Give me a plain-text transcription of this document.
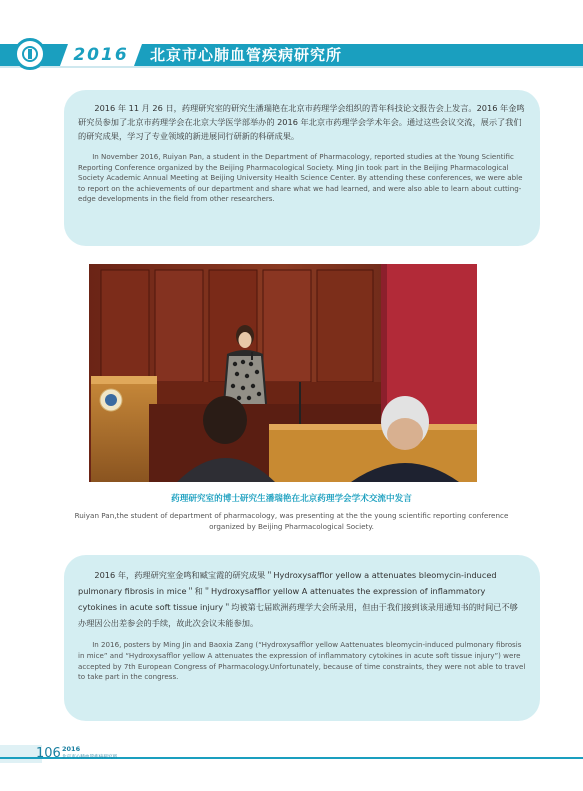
2016	北京市心肺血管疾病研究所

2016 年 11 月 26 日，药理研究室的研究生潘瑞艳在北京市药理学会组织的青年科技论文报告会上发言。2016 年金鸣研究员参加了北京市药理学会在北京大学医学部举办的 2016 年北京市药理学会学术年会。通过这些会议交流，展示了我们的研究成果，学习了专业领域的新进展同行研新的科研成果。

In November 2016, Ruiyan Pan, a student in the Department of Pharmacology, reported studies at the Young Scientific Reporting Conference organized by the Beijing Pharmacological Society. Ming Jin took part in the Beijing Pharmacological Society Academic Annual Meeting at Beijing University Health Science Center. By attending these conferences, we were able to report on the achievements of our department and share what we had learned, and were also able to learn about cutting-edge developments in the field from other researchers.

药理研究室的博士研究生潘瑞艳在北京药理学会学术交流中发言

Ruiyan Pan,the student of department of pharmacology, was presenting at the the young scientific reporting conference organized by Beijing Pharmacological Society.

2016 年，药理研究室金鸣和臧宝霞的研究成果＂Hydroxysafflor yellow a attenuates bleomycin-induced pulmonary fibrosis in mice＂和＂Hydroxysafflor yellow A attenuates the expression of inflammatory cytokines in acute soft tissue injury＂均被第七届欧洲药理学大会所录用，但由于我们接到该录用通知书的时间已不够办理因公出差参会的手续，故此次会议未能参加。

In 2016, posters by Ming Jin and Baoxia Zang (“Hydroxysafflor yellow Aattenuates bleomycin-induced pulmonary fibrosis in mice” and “Hydroxysafflor yellow A attenuates the expression of inflammatory cytokines in acute soft tissue injury”) were accepted by 7th European Congress of Pharmacology.Unfortunately, because of time constraints, they were not able to travel to take part in the congress.

106 2016
北京市心肺血管疾病研究所
